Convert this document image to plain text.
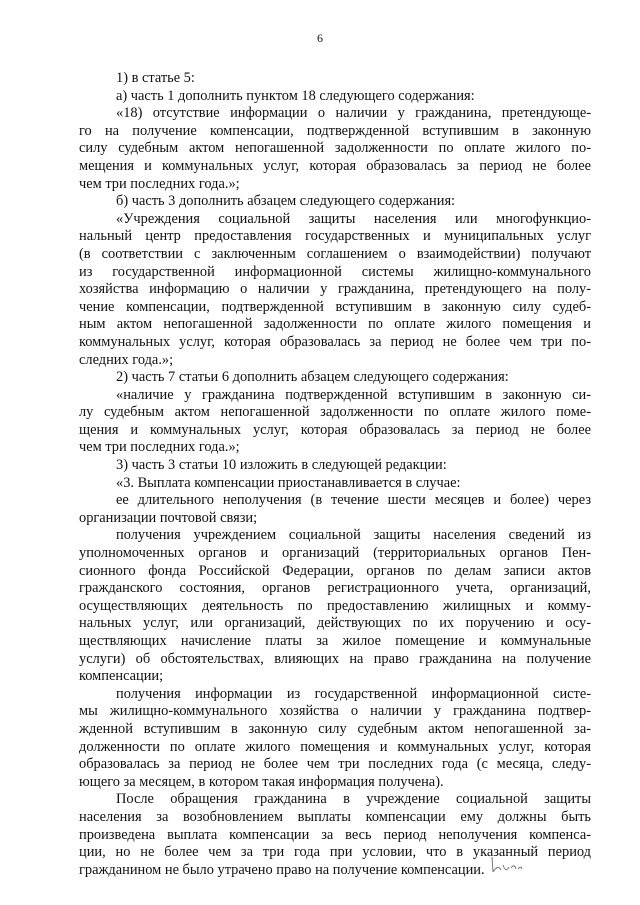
6
1) в статье 5:
а) часть 1 дополнить пунктом 18 следующего содержания:
«18) отсутствие информации о наличии у гражданина, претендующе-
го на получение компенсации, подтвержденной вступившим в законную
силу судебным актом непогашенной задолженности по оплате жилого по-
мещения и коммунальных услуг, которая образовалась за период не более
чем три последних года.»;
б) часть 3 дополнить абзацем следующего содержания:
«Учреждения социальной защиты населения или многофункцио-
нальный центр предоставления государственных и муниципальных услуг
(в соответствии с заключенным соглашением о взаимодействии) получают
из государственной информационной системы жилищно-коммунального
хозяйства информацию о наличии у гражданина, претендующего на полу-
чение компенсации, подтвержденной вступившим в законную силу судеб-
ным актом непогашенной задолженности по оплате жилого помещения и
коммунальных услуг, которая образовалась за период не более чем три по-
следних года.»;
2) часть 7 статьи 6 дополнить абзацем следующего содержания:
«наличие у гражданина подтвержденной вступившим в законную си-
лу судебным актом непогашенной задолженности по оплате жилого поме-
щения и коммунальных услуг, которая образовалась за период не более
чем три последних года.»;
3) часть 3 статьи 10 изложить в следующей редакции:
«3. Выплата компенсации приостанавливается в случае:
ее длительного неполучения (в течение шести месяцев и более) через
организации почтовой связи;
получения учреждением социальной защиты населения сведений из
уполномоченных органов и организаций (территориальных органов Пен-
сионного фонда Российской Федерации, органов по делам записи актов
гражданского состояния, органов регистрационного учета, организаций,
осуществляющих деятельность по предоставлению жилищных и комму-
нальных услуг, или организаций, действующих по их поручению и осу-
ществляющих начисление платы за жилое помещение и коммунальные
услуги) об обстоятельствах, влияющих на право гражданина на получение
компенсации;
получения информации из государственной информационной систе-
мы жилищно-коммунального хозяйства о наличии у гражданина подтвер-
жденной вступившим в законную силу судебным актом непогашенной за-
долженности по оплате жилого помещения и коммунальных услуг, которая
образовалась за период не более чем три последних года (с месяца, следу-
ющего за месяцем, в котором такая информация получена).
После обращения гражданина в учреждение социальной защиты
населения за возобновлением выплаты компенсации ему должны быть
произведена выплата компенсации за весь период неполучения компенса-
ции, но не более чем за три года при условии, что в указанный период
гражданином не было утрачено право на получение компенсации.
